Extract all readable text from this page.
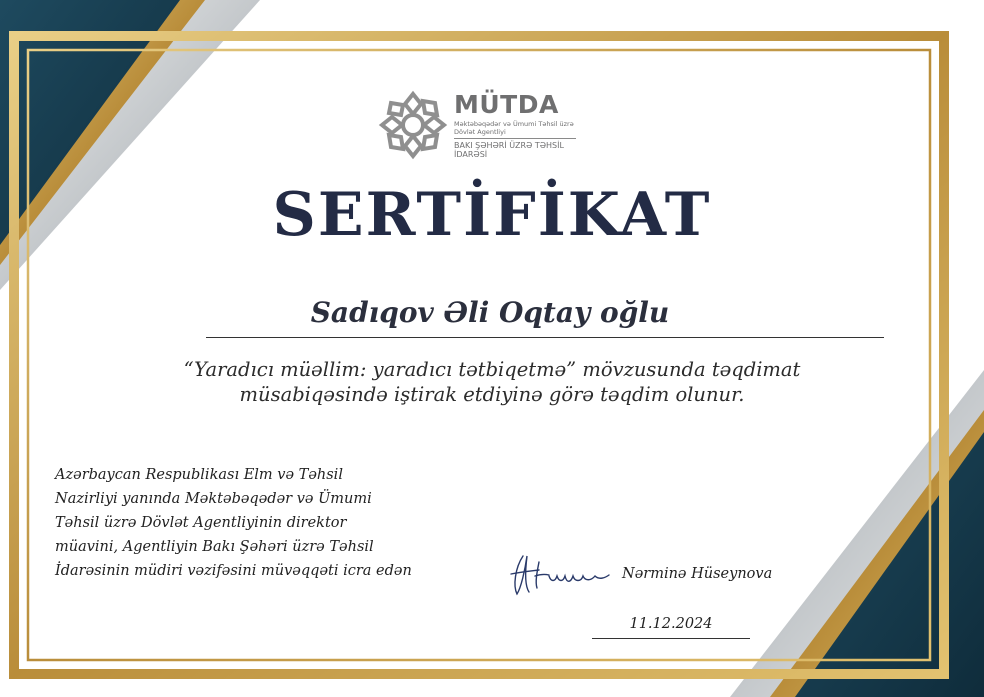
MÜTDA
Məktəbəqədər və Ümumi Təhsil üzrə Dövlət Agentliyi
BAKI ŞƏHƏRİ ÜZRƏ TƏHSİL İDARƏSİ
SERTİFİKAT
Sadıqov Əli Oqtay oğlu
“Yaradıcı müəllim: yaradıcı tətbiqetmə” mövzusunda təqdimat müsabiqəsində iştirak etdiyinə görə təqdim olunur.
Azərbaycan Respublikası Elm və Təhsil
Nazirliyi yanında Məktəbəqədər və Ümumi
Təhsil üzrə Dövlət Agentliyinin direktor
müavini, Agentliyin Bakı Şəhəri üzrə Təhsil
İdarəsinin müdiri vəzifəsini müvəqqəti icra edən	Nərminə Hüseynova
11.12.2024
